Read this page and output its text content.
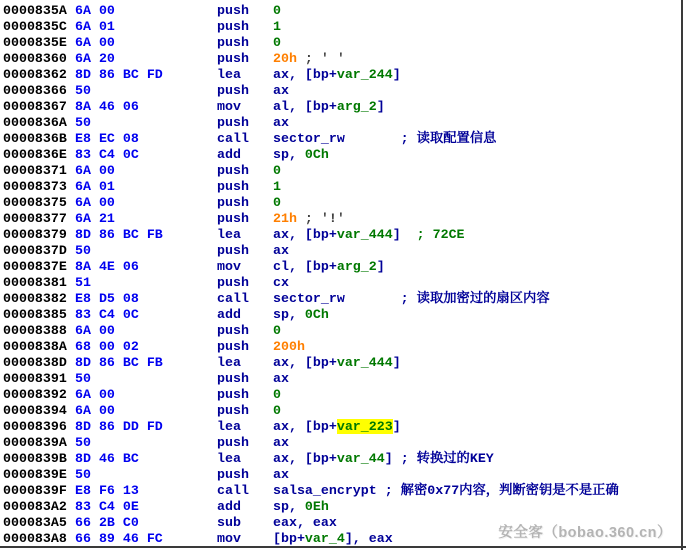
0000835A 6A 00	push 0
0000835C 6A 01	push 1
0000835E 6A 00	push 0
00008360 6A 20	push 20h ; ' '
00008362 8D 86 BC FD	lea ax, [bp+var_244]
00008366 50	push ax
00008367 8A 46 06	mov al, [bp+arg_2]
0000836A 50	push ax
0000836B E8 EC 08	call sector_rw       ; 读取配置信息
0000836E 83 C4 0C	add sp, 0Ch
00008371 6A 00	push 0
00008373 6A 01	push 1
00008375 6A 00	push 0
00008377 6A 21	push 21h ; '!'
00008379 8D 86 BC FB	lea ax, [bp+var_444]  ; 72CE
0000837D 50	push ax
0000837E 8A 4E 06	mov cl, [bp+arg_2]
00008381 51	push cx
00008382 E8 D5 08	call sector_rw       ; 读取加密过的扇区内容
00008385 83 C4 0C	add sp, 0Ch
00008388 6A 00	push 0
0000838A 68 00 02	push 200h
0000838D 8D 86 BC FB	lea ax, [bp+var_444]
00008391 50	push ax
00008392 6A 00	push 0
00008394 6A 00	push 0
00008396 8D 86 DD FD	lea ax, [bp+var_223]
0000839A 50	push ax
0000839B 8D 46 BC	lea ax, [bp+var_44] ; 转换过的KEY
0000839E 50	push ax
0000839F E8 F6 13	call salsa_encrypt ; 解密0x77内容，判断密钥是不是正确
000083A2 83 C4 0E	add sp, 0Eh
000083A5 66 2B C0	sub eax, eax
000083A8 66 89 46 FC	mov [bp+var_4], eax	安全客（bobao.360.cn）
